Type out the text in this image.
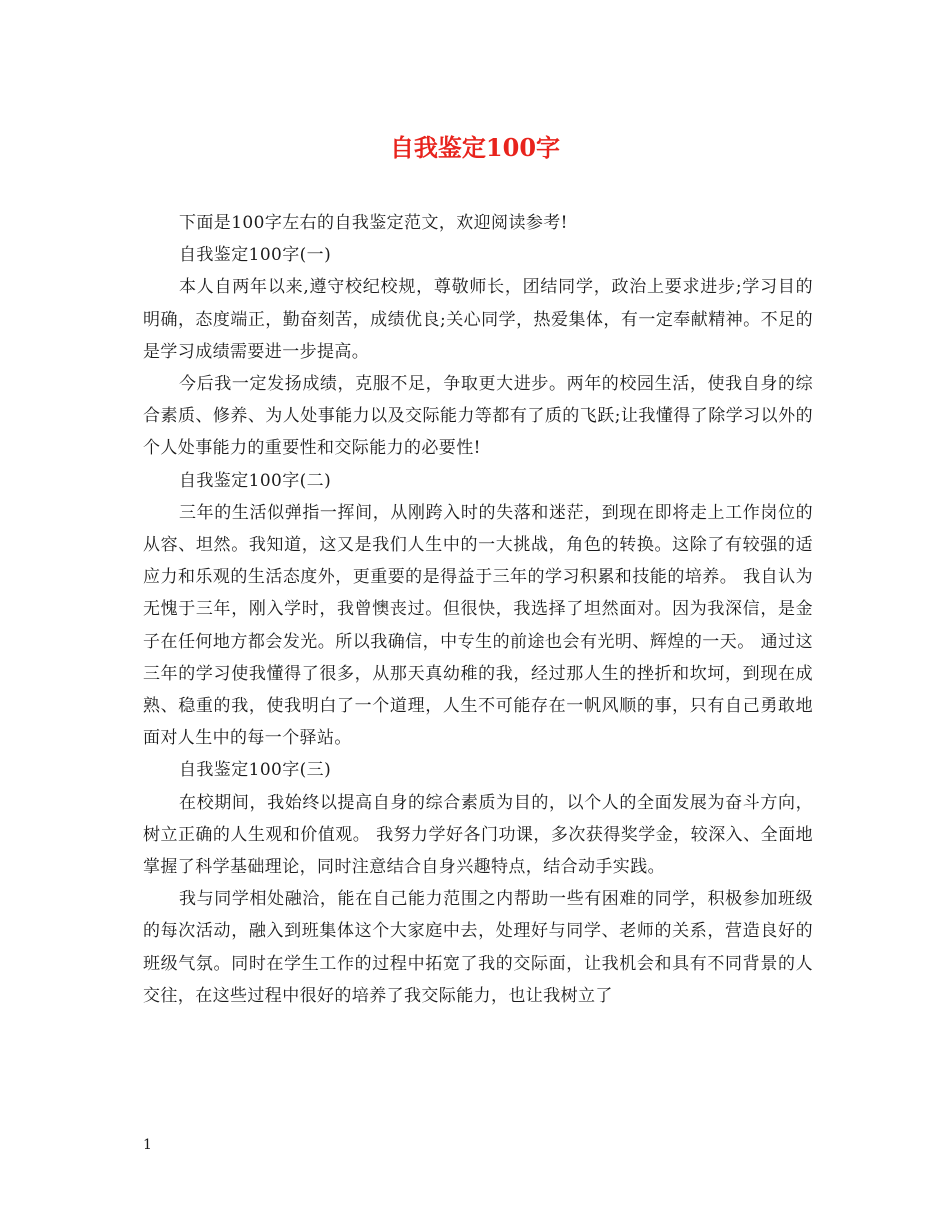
自我鉴定100字

下面是100字左右的自我鉴定范文，欢迎阅读参考!

自我鉴定100字(一)

本人自两年以来,遵守校纪校规，尊敬师长，团结同学，政治上要求进步;学习目的明确，态度端正，勤奋刻苦，成绩优良;关心同学，热爱集体，有一定奉献精神。不足的是学习成绩需要进一步提高。

今后我一定发扬成绩，克服不足，争取更大进步。两年的校园生活，使我自身的综合素质、修养、为人处事能力以及交际能力等都有了质的飞跃;让我懂得了除学习以外的个人处事能力的重要性和交际能力的必要性!

自我鉴定100字(二)

三年的生活似弹指一挥间，从刚跨入时的失落和迷茫，到现在即将走上工作岗位的从容、坦然。我知道，这又是我们人生中的一大挑战，角色的转换。这除了有较强的适应力和乐观的生活态度外，更重要的是得益于三年的学习积累和技能的培养。 我自认为无愧于三年，刚入学时，我曾懊丧过。但很快，我选择了坦然面对。因为我深信，是金子在任何地方都会发光。所以我确信，中专生的前途也会有光明、辉煌的一天。 通过这三年的学习使我懂得了很多，从那天真幼稚的我，经过那人生的挫折和坎坷，到现在成熟、稳重的我，使我明白了一个道理，人生不可能存在一帆风顺的事，只有自己勇敢地面对人生中的每一个驿站。

自我鉴定100字(三)

在校期间，我始终以提高自身的综合素质为目的，以个人的全面发展为奋斗方向，树立正确的人生观和价值观。 我努力学好各门功课，多次获得奖学金，较深入、全面地掌握了科学基础理论，同时注意结合自身兴趣特点，结合动手实践。

我与同学相处融洽，能在自己能力范围之内帮助一些有困难的同学，积极参加班级的每次活动，融入到班集体这个大家庭中去，处理好与同学、老师的关系，营造良好的班级气氛。同时在学生工作的过程中拓宽了我的交际面，让我机会和具有不同背景的人交往，在这些过程中很好的培养了我交际能力，也让我树立了

1
